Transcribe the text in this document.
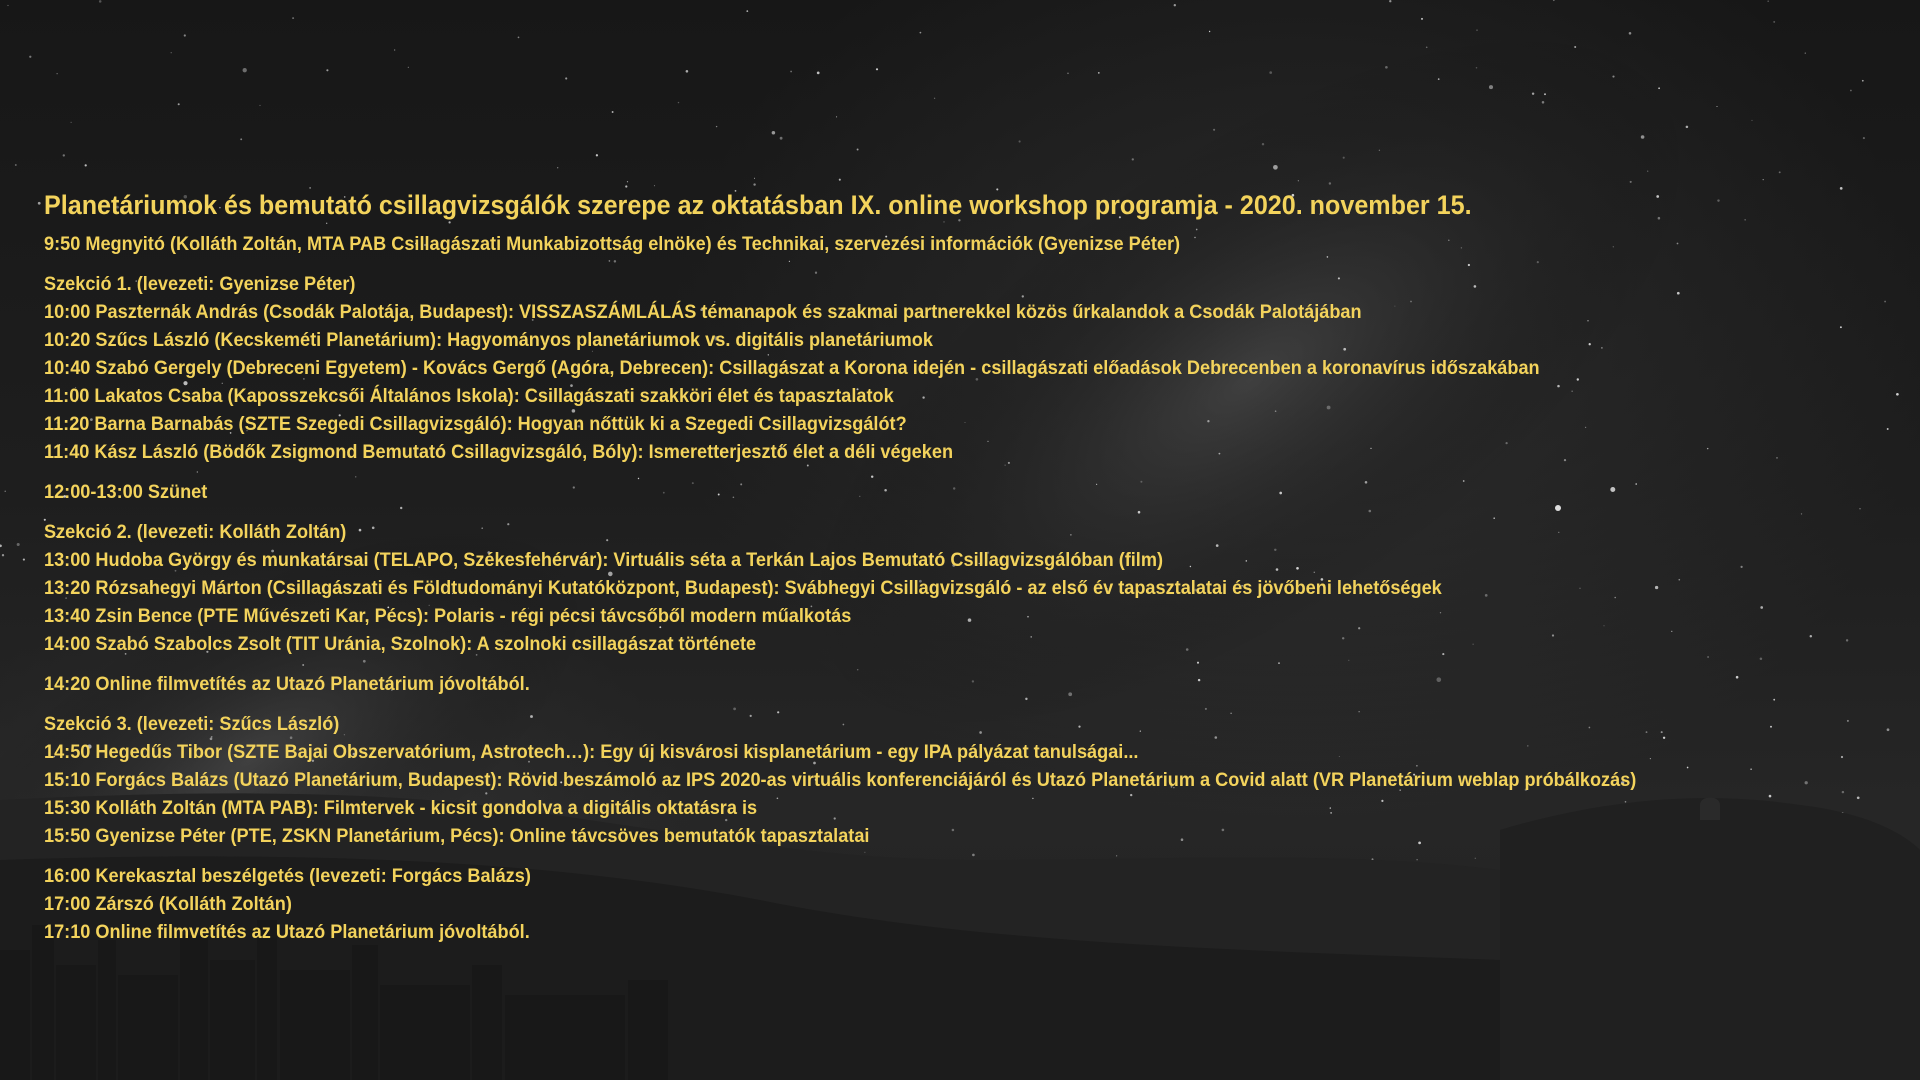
Planetáriumok és bemutató csillagvizsgálók szerepe az oktatásban IX. online workshop programja - 2020. november 15.
9:50 Megnyitó (Kolláth Zoltán, MTA PAB Csillagászati Munkabizottság elnöke) és Technikai, szervezési információk (Gyenizse Péter)
Szekció 1. (levezeti: Gyenizse Péter)
10:00 Paszternák András (Csodák Palotája, Budapest): VISSZASZÁMLÁLÁS témanapok és szakmai partnerekkel közös űrkalandok a Csodák Palotájában
10:20 Szűcs László (Kecskeméti Planetárium): Hagyományos planetáriumok vs. digitális planetáriumok
10:40 Szabó Gergely (Debreceni Egyetem) - Kovács Gergő (Agóra, Debrecen): Csillagászat a Korona idején - csillagászati előadások Debrecenben a koronavírus időszakában
11:00 Lakatos Csaba (Kaposszekcsői Általános Iskola): Csillagászati szakköri élet és tapasztalatok
11:20 Barna Barnabás (SZTE Szegedi Csillagvizsgáló): Hogyan nőttük ki a Szegedi Csillagvizsgálót?
11:40 Kász László (Bödők Zsigmond Bemutató Csillagvizsgáló, Bóly): Ismeretterjesztő élet a déli végeken
12:00-13:00 Szünet
Szekció 2. (levezeti: Kolláth Zoltán)
13:00 Hudoba György és munkatársai (TELAPO, Székesfehérvár): Virtuális séta a Terkán Lajos Bemutató Csillagvizsgálóban (film)
13:20 Rózsahegyi Márton (Csillagászati és Földtudományi Kutatóközpont, Budapest): Svábhegyi Csillagvizsgáló - az első év tapasztalatai és jövőbeni lehetőségek
13:40 Zsin Bence (PTE Művészeti Kar, Pécs): Polaris - régi pécsi távcsőből modern műalkotás
14:00 Szabó Szabolcs Zsolt (TIT Uránia, Szolnok): A szolnoki csillagászat története
14:20 Online filmvetítés az Utazó Planetárium jóvoltából.
Szekció 3. (levezeti: Szűcs László)
14:50 Hegedűs Tibor (SZTE Bajai Obszervatórium, Astrotech…): Egy új kisvárosi kisplanetárium - egy IPA pályázat tanulságai...
15:10 Forgács Balázs (Utazó Planetárium, Budapest): Rövid beszámoló az IPS 2020-as virtuális konferenciájáról és Utazó Planetárium a Covid alatt (VR Planetárium weblap próbálkozás)
15:30 Kolláth Zoltán (MTA PAB): Filmtervek - kicsit gondolva a digitális oktatásra is
15:50 Gyenizse Péter (PTE, ZSKN Planetárium, Pécs): Online távcsöves bemutatók tapasztalatai
16:00 Kerekasztal beszélgetés (levezeti: Forgács Balázs)
17:00 Zárszó (Kolláth Zoltán)
17:10 Online filmvetítés az Utazó Planetárium jóvoltából.
